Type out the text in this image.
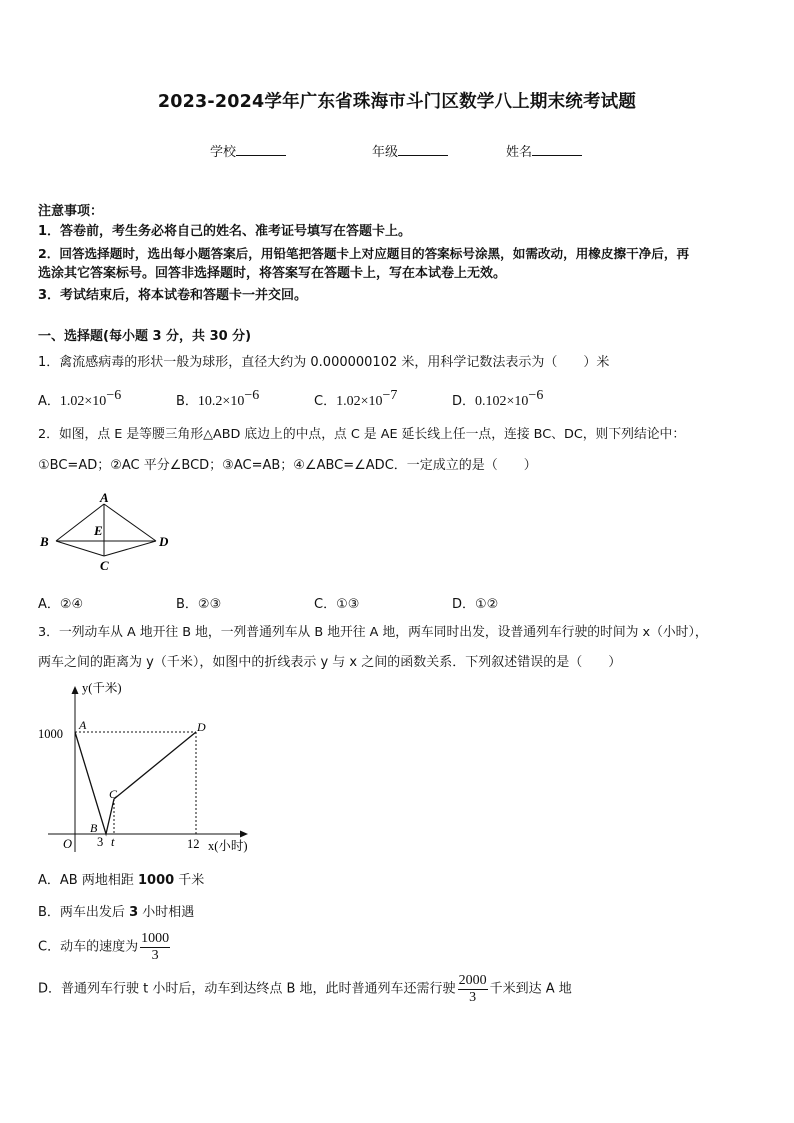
2023-2024学年广东省珠海市斗门区数学八上期末统考试题
学校	年级	姓名
注意事项：
1．答卷前，考生务必将自己的姓名、准考证号填写在答题卡上。
2．回答选择题时，选出每小题答案后，用铅笔把答题卡上对应题目的答案标号涂黑，如需改动，用橡皮擦干净后，再
选涂其它答案标号。回答非选择题时，将答案写在答题卡上，写在本试卷上无效。
3．考试结束后，将本试卷和答题卡一并交回。
一、选择题(每小题 3 分，共 30 分)
1．禽流感病毒的形状一般为球形，直径大约为 0.000000102 米，用科学记数法表示为（　　）米
A．$1.02\times 10^{-6}$	B．$10.2\times 10^{-6}$	C．$1.02\times 10^{-7}$	D．$0.102\times 10^{-6}$
2．如图，点 E 是等腰三角形△ABD 底边上的中点，点 C 是 AE 延长线上任一点，连接 BC、DC，则下列结论中：
①BC=AD；②AC 平分∠BCD；③AC=AB；④∠ABC=∠ADC．一定成立的是（　　）
A
B
C
D
E
A．②④	B．②③	C．①③	D．①②
3．一列动车从 A 地开往 B 地，一列普通列车从 B 地开往 A 地，两车同时出发，设普通列车行驶的时间为 x（小时），
两车之间的距离为 y（千米），如图中的折线表示 y 与 x 之间的函数关系．下列叙述错误的是（　　）
y(千米)
x(小时)
1000
O 3 t	12
A
B
C
D
A．AB 两地相距 1000 千米
B．两车出发后 3 小时相遇
C．动车的速度为 $\frac{1000}{3}$
D．普通列车行驶 t 小时后，动车到达终点 B 地，此时普通列车还需行驶 $\frac{2000}{3}$ 千米到达 A 地
